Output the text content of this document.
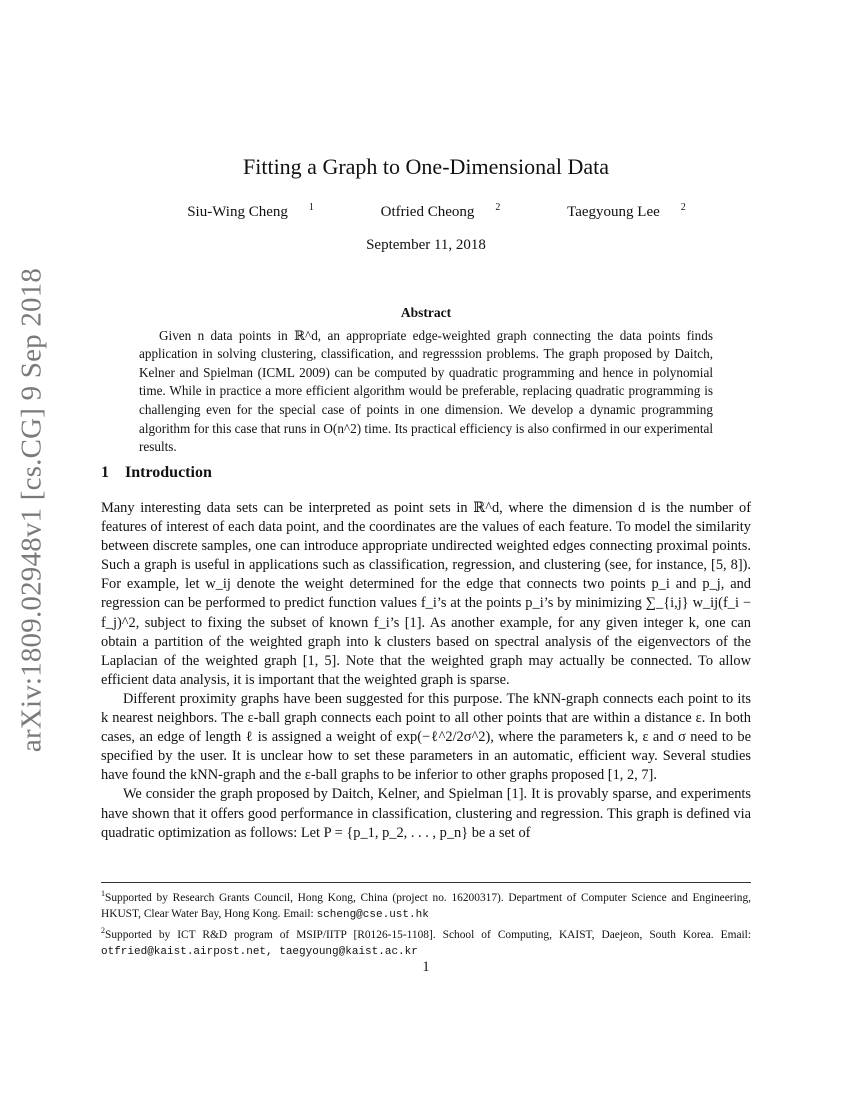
arXiv:1809.02948v1 [cs.CG] 9 Sep 2018
Fitting a Graph to One-Dimensional Data
Siu-Wing Cheng $^1$	Otfried Cheong $^2$	Taegyoung Lee $^2$
September 11, 2018
Abstract

Given n data points in ℝ^d, an appropriate edge-weighted graph connecting the data points finds application in solving clustering, classification, and regresssion problems. The graph proposed by Daitch, Kelner and Spielman (ICML 2009) can be computed by quadratic programming and hence in polynomial time. While in practice a more efficient algorithm would be preferable, replacing quadratic programming is challenging even for the special case of points in one dimension. We develop a dynamic programming algorithm for this case that runs in O(n^2) time. Its practical efficiency is also confirmed in our experimental results.

1 Introduction

Many interesting data sets can be interpreted as point sets in ℝ^d, where the dimension d is the number of features of interest of each data point, and the coordinates are the values of each feature. To model the similarity between discrete samples, one can introduce appropriate undirected weighted edges connecting proximal points. Such a graph is useful in applications such as classification, regression, and clustering (see, for instance, [5, 8]). For example, let w_ij denote the weight determined for the edge that connects two points p_i and p_j, and regression can be performed to predict function values f_i’s at the points p_i’s by minimizing ∑_{i,j} w_ij(f_i − f_j)^2, subject to fixing the subset of known f_i’s [1]. As another example, for any given integer k, one can obtain a partition of the weighted graph into k clusters based on spectral analysis of the eigenvectors of the Laplacian of the weighted graph [1, 5]. Note that the weighted graph may actually be connected. To allow efficient data analysis, it is important that the weighted graph is sparse.

Different proximity graphs have been suggested for this purpose. The kNN-graph connects each point to its k nearest neighbors. The ε-ball graph connects each point to all other points that are within a distance ε. In both cases, an edge of length ℓ is assigned a weight of exp(−ℓ^2/2σ^2), where the parameters k, ε and σ need to be specified by the user. It is unclear how to set these parameters in an automatic, efficient way. Several studies have found the kNN-graph and the ε-ball graphs to be inferior to other graphs proposed [1, 2, 7].

We consider the graph proposed by Daitch, Kelner, and Spielman [1]. It is provably sparse, and experiments have shown that it offers good performance in classification, clustering and regression. This graph is defined via quadratic optimization as follows: Let P = {p_1, p_2, . . . , p_n} be a set of

$^1$Supported by Research Grants Council, Hong Kong, China (project no. 16200317). Department of Computer Science and Engineering, HKUST, Clear Water Bay, Hong Kong. Email: scheng@cse.ust.hk
$^2$Supported by ICT R&D program of MSIP/IITP [R0126-15-1108]. School of Computing, KAIST, Daejeon, South Korea. Email: otfried@kaist.airpost.net, taegyoung@kaist.ac.kr
1
